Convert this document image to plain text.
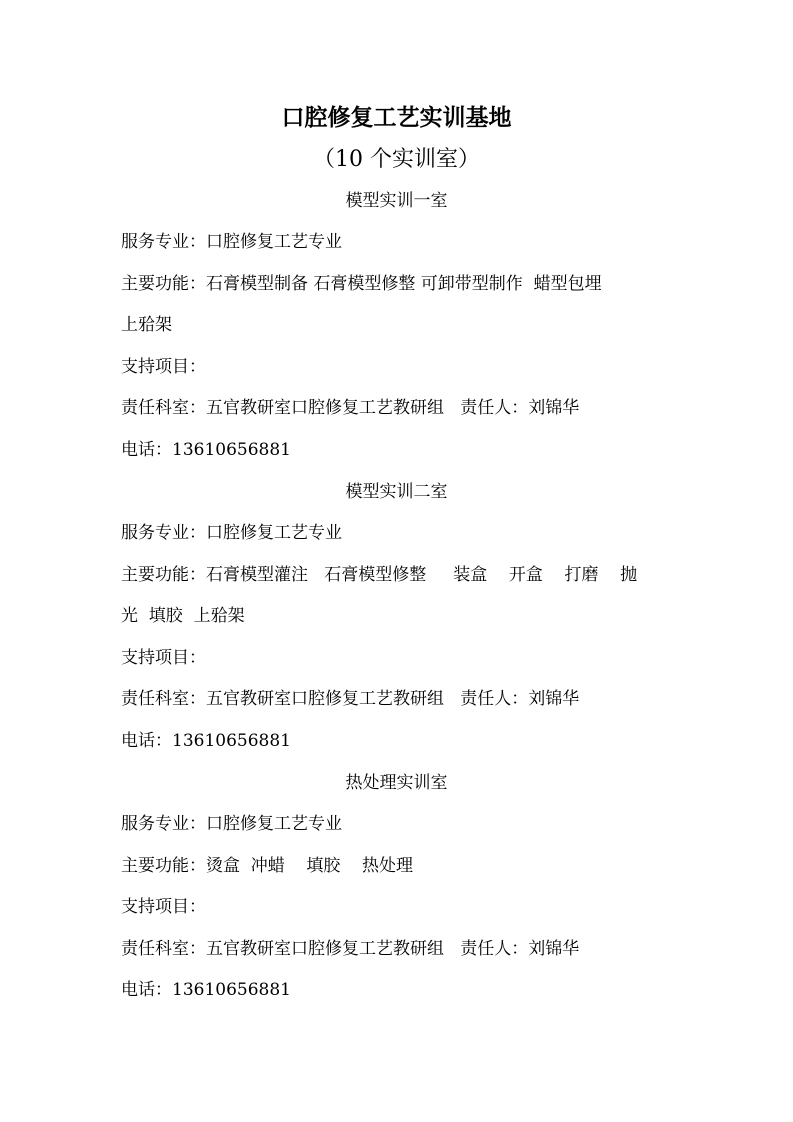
口腔修复工艺实训基地
（10 个实训室）
模型实训一室
服务专业：口腔修复工艺专业
主要功能：石膏模型制备 石膏模型修整 可卸带型制作  蜡型包埋
上𬌗架
支持项目：
责任科室：五官教研室口腔修复工艺教研组   责任人：刘锦华
电话：13610656881
模型实训二室
服务专业：口腔修复工艺专业
主要功能：石膏模型灌注   石膏模型修整     装盒    开盒    打磨    抛
光  填胶  上𬌗架
支持项目：
责任科室：五官教研室口腔修复工艺教研组   责任人：刘锦华
电话：13610656881
热处理实训室
服务专业：口腔修复工艺专业
主要功能：烫盒  冲蜡    填胶    热处理
支持项目：
责任科室：五官教研室口腔修复工艺教研组   责任人：刘锦华
电话：13610656881
